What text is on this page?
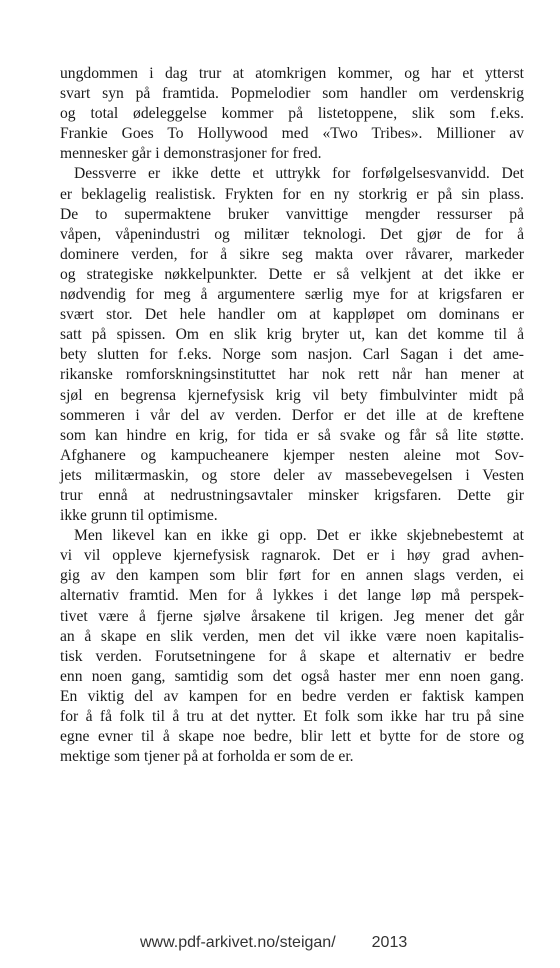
ungdommen i dag trur at atomkrigen kommer, og har et ytterst
svart syn på framtida. Popmelodier som handler om verdenskrig
og total ødeleggelse kommer på listetoppene, slik som f.eks.
Frankie Goes To Hollywood med «Two Tribes». Millioner av
mennesker går i demonstrasjoner for fred.

Dessverre er ikke dette et uttrykk for forfølgelsesvanvidd. Det
er beklagelig realistisk. Frykten for en ny storkrig er på sin plass.
De to supermaktene bruker vanvittige mengder ressurser på
våpen, våpenindustri og militær teknologi. Det gjør de for å
dominere verden, for å sikre seg makta over råvarer, markeder
og strategiske nøkkelpunkter. Dette er så velkjent at det ikke er
nødvendig for meg å argumentere særlig mye for at krigsfaren er
svært stor. Det hele handler om at kappløpet om dominans er
satt på spissen. Om en slik krig bryter ut, kan det komme til å
bety slutten for f.eks. Norge som nasjon. Carl Sagan i det ame-
rikanske romforskningsinstituttet har nok rett når han mener at
sjøl en begrensa kjernefysisk krig vil bety fimbulvinter midt på
sommeren i vår del av verden. Derfor er det ille at de kreftene
som kan hindre en krig, for tida er så svake og får så lite støtte.
Afghanere og kampucheanere kjemper nesten aleine mot Sov-
jets militærmaskin, og store deler av massebevegelsen i Vesten
trur ennå at nedrustningsavtaler minsker krigsfaren. Dette gir
ikke grunn til optimisme.

Men likevel kan en ikke gi opp. Det er ikke skjebnebestemt at
vi vil oppleve kjernefysisk ragnarok. Det er i høy grad avhen-
gig av den kampen som blir ført for en annen slags verden, ei
alternativ framtid. Men for å lykkes i det lange løp må perspek-
tivet være å fjerne sjølve årsakene til krigen. Jeg mener det går
an å skape en slik verden, men det vil ikke være noen kapitalis-
tisk verden. Forutsetningene for å skape et alternativ er bedre
enn noen gang, samtidig som det også haster mer enn noen gang.
En viktig del av kampen for en bedre verden er faktisk kampen
for å få folk til å tru at det nytter. Et folk som ikke har tru på sine
egne evner til å skape noe bedre, blir lett et bytte for de store og
mektige som tjener på at forholda er som de er.

www.pdf-arkivet.no/steigan/ 2013
